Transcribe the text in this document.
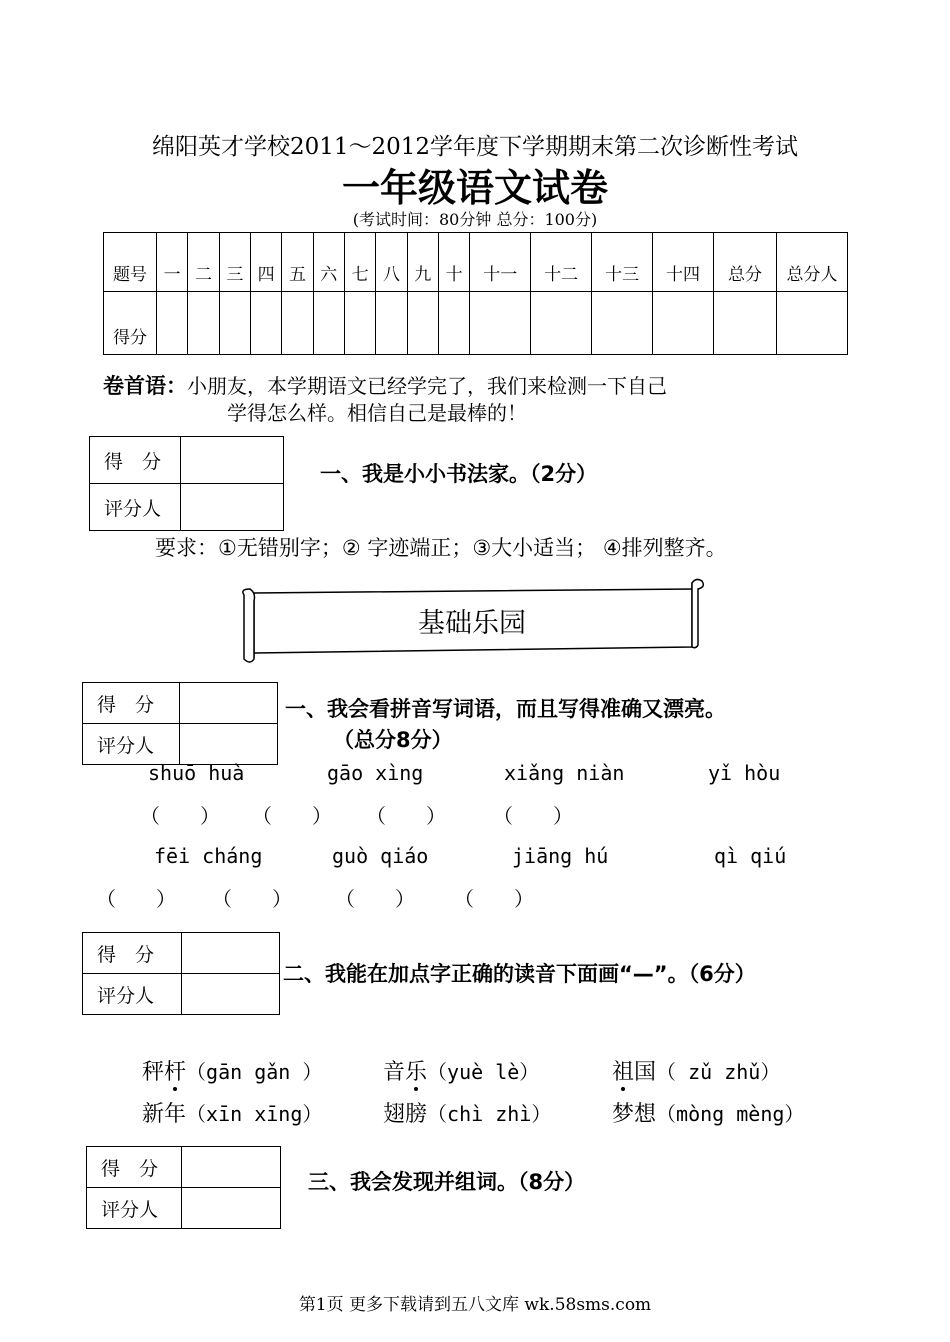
绵阳英才学校2011～2012学年度下学期期末第二次诊断性考试
一年级语文试卷
(考试时间：80分钟 总分：100分)
题号	一	二	三	四	五	六	七	八	九	十	十一	十二	十三	十四	总分	总分人
得分																
卷首语：小朋友，本学期语文已经学完了，我们来检测一下自己
学得怎么样。相信自己是最棒的！
得　分	
评分人	
一、我是小小书法家。（2分）
要求：①无错别字；② 字迹端正；③大小适当； ④排列整齐。
基础乐园
得　分	
评分人	
一、我会看拼音写词语，而且写得准确又漂亮。
（总分8分）
shuō huà	gāo xìng	xiǎng niàn	yǐ hòu
（　　） （　　） （　　） （　　）
fēi cháng	guò qiáo	jiāng hú	qì qiú
（　　） （　　） （　　） （　　）
得　分	
评分人	
二、我能在加点字正确的读音下面画“—”。（6分）
秤杆（gān gǎn ）	音乐（yuè lè）	祖国（ zǔ zhǔ）
新年（xīn xīng）	翅膀（chì zhì）	梦想（mòng mèng）
得　分	
评分人	
三、我会发现并组词。（8分）
第1页 更多下载请到五八文库 wk.58sms.com
